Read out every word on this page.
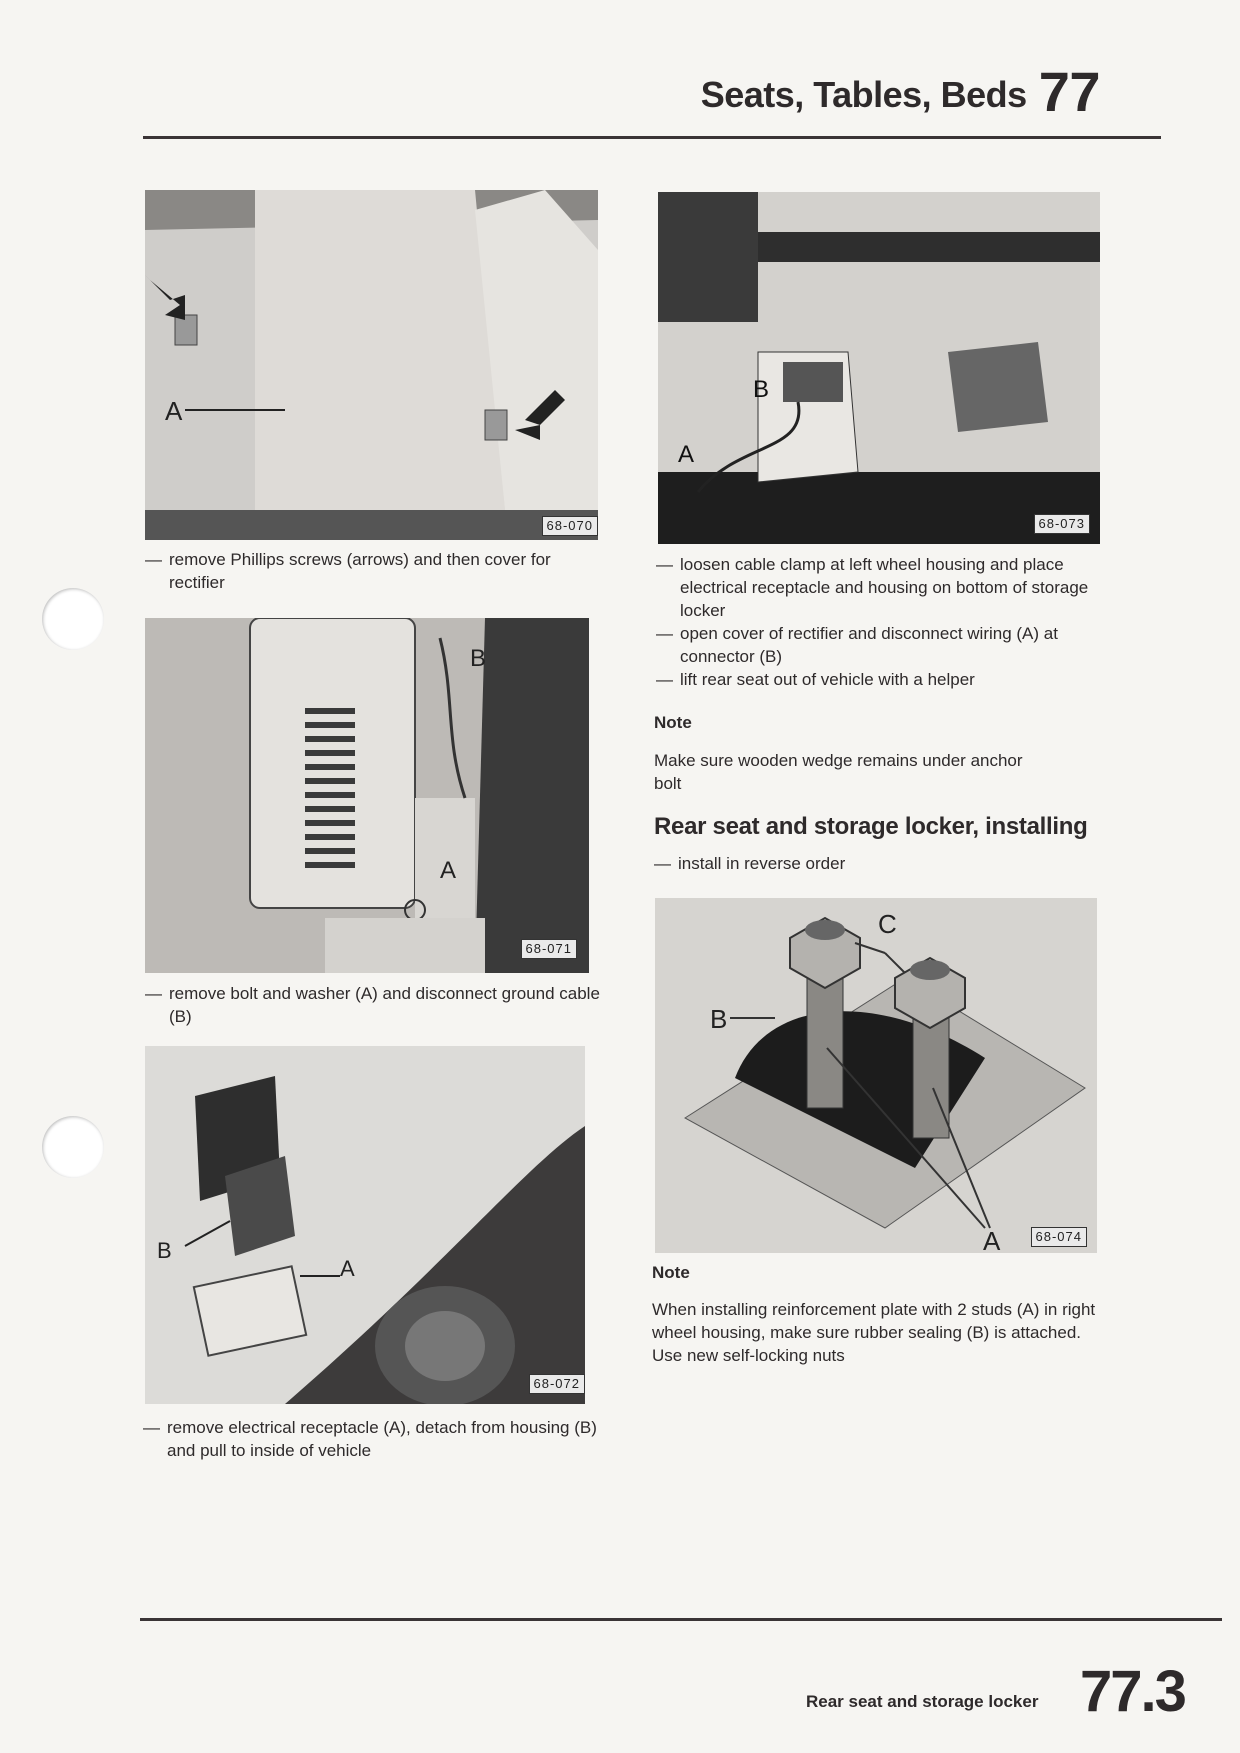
Seats, Tables, Beds 77
A
68-070
— remove Phillips screws (arrows) and then cover for rectifier
A
B
68-071
— remove bolt and washer (A) and disconnect ground cable (B)
B
A
68-072
— remove electrical receptacle (A), detach from housing (B) and pull to inside of vehicle
A
B
68-073
— loosen cable clamp at left wheel housing and place electrical receptacle and housing on bottom of storage locker
— open cover of rectifier and disconnect wiring (A) at connector (B)
— lift rear seat out of vehicle with a helper
Note
Make sure wooden wedge remains under anchor bolt
Rear seat and storage locker, installing
— install in reverse order
C
B
A	68-074
Note
When installing reinforcement plate with 2 studs (A) in right wheel housing, make sure rubber sealing (B) is attached. Use new self-locking nuts
Rear seat and storage locker 77.3
